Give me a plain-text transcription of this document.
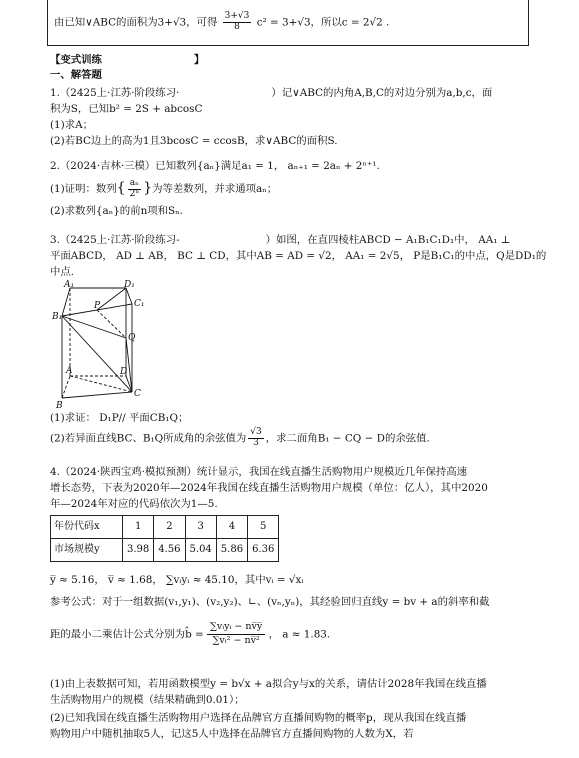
由已知∨ABC的面积为3+√3，可得 $\frac{3+√3}{8} c^2 = 3+√3$，所以c = 2√2 .
【变式训练	】
一、解答题
1.（2425上·江苏·阶段练习·	）记∨ABC的内角A,B,C的对边分别为a,b,c，面
积为S，已知b² = 2S + abcosC
(1)求A；
(2)若BC边上的高为1且3bcosC = ccosB，求∨ABC的面积S.
2.（2024·吉林·三模）已知数列{aₙ}满足a₁ = 1， aₙ₊₁ = 2aₙ + 2ⁿ⁺¹.
(1)证明：数列{ $\frac{\text{aₙ}}{\text{2ⁿ}}$ }为等差数列，并求通项aₙ；
(2)求数列{aₙ}的前n项和Sₙ.
3.（2425上·江苏·阶段练习-	）如图，在直四棱柱ABCD − A₁B₁C₁D₁中， AA₁ ⊥
平面ABCD， AD ⊥ AB， BC ⊥ CD，其中AB = AD = √2， AA₁ = 2√5， P是B₁C₁的中点，Q是DD₁的
中点.
A₁	D₁
C₁
B₁
P
Q
A	D
B
C
(1)求证： D₁P// 平面CB₁Q；
(2)若异面直线BC、B₁Q所成角的余弦值为 $\frac{√3}{3}$ ，求二面角B₁ − CQ − D的余弦值.
4.（2024·陕西宝鸡·模拟预测）统计显示，我国在线直播生活购物用户规模近几年保持高速
增长态势，下表为2020年—2024年我国在线直播生活购物用户规模（单位：亿人），其中2020
年—2024年对应的代码依次为1—5.
年份代码x	1	2	3	4	5
市场规模y	3.98	4.56	5.04	5.86	6.36
y̅ ≈ 5.16， v̅ ≈ 1.68， ∑vᵢyᵢ ≈ 45.10，其中vᵢ = √xᵢ
参考公式：对于一组数据(v₁,y₁)、(v₂,y₂)、∟、(vₙ,yₙ)，其经验回归直线y = bv + a的斜率和截
距的最小二乘估计公式分别为b̂ = $\frac{\text{∑vᵢyᵢ − nv̅y̅}}{\text{∑vᵢ² − nv̅²}}$ ， a ≈ 1.83.
(1)由上表数据可知，若用函数模型y = b√x + a拟合y与x的关系，请估计2028年我国在线直播
生活购物用户的规模（结果精确到0.01）；
(2)已知我国在线直播生活购物用户选择在品牌官方直播间购物的概率p，现从我国在线直播
购物用户中随机抽取5人，记这5人中选择在品牌官方直播间购物的人数为X，若
